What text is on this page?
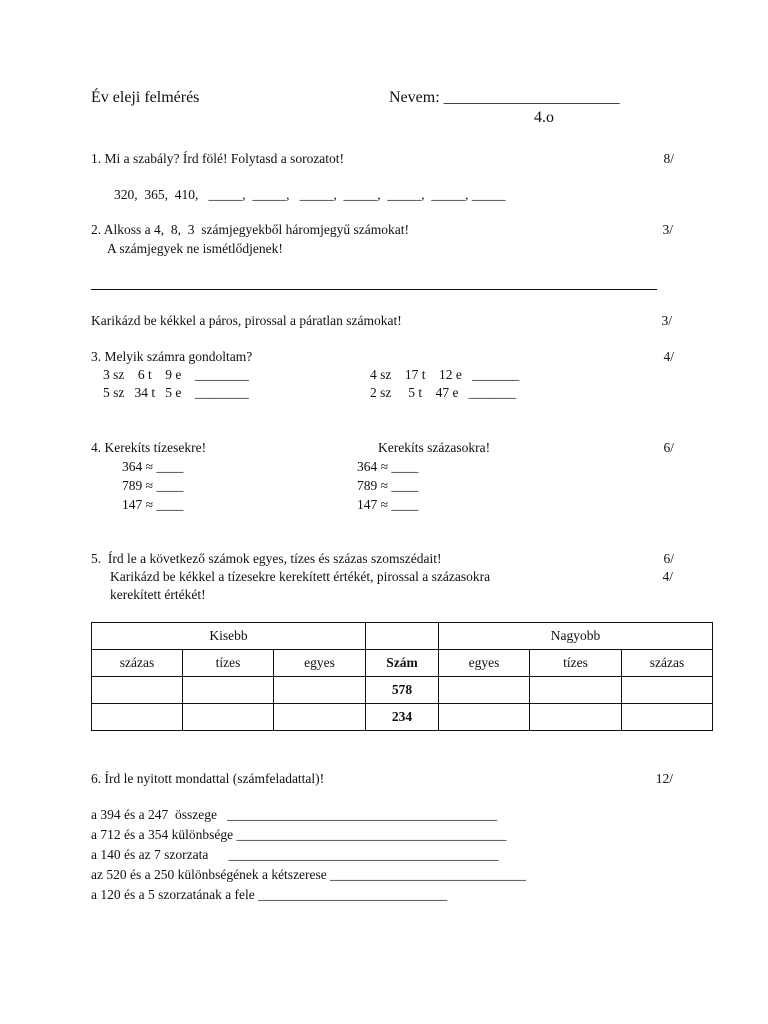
Év eleji felmérés	Nevem: ______________________
4.o
1. Mi a szabály? Írd fölé! Folytasd a sorozatot!	8/
320,  365,  410,   _____,  _____,   _____,  _____,  _____,  _____, _____
2. Alkoss a 4,  8,  3  számjegyekből háromjegyű számokat!	3/
A számjegyek ne ismétlődjenek!
Karikázd be kékkel a páros, pirossal a páratlan számokat!	3/
3. Melyik számra gondoltam?	4/
3 sz    6 t    9 e    ________
5 sz   34 t   5 e    ________
4 sz    17 t    12 e   _______
2 sz     5 t    47 e   _______
4. Kerekíts tízesekre!	Kerekíts százasokra!	6/
364 ≈ ____
789 ≈ ____
147 ≈ ____
364 ≈ ____
789 ≈ ____
147 ≈ ____
5.  Írd le a következő számok egyes, tízes és százas szomszédait!	6/
Karikázd be kékkel a tízesekre kerekített értékét, pirossal a százasokra	4/
kerekített értékét!
Kisebb				Nagyobb		
százas	tízes	egyes	Szám	egyes	tízes	százas
			578			
			234			
6. Írd le nyitott mondattal (számfeladattal)!	12/
a 394 és a 247  összege   ________________________________________
a 712 és a 354 különbsége ________________________________________
a 140 és az 7 szorzata      ________________________________________
az 520 és a 250 különbségének a kétszerese _____________________________
a 120 és a 5 szorzatának a fele ____________________________
